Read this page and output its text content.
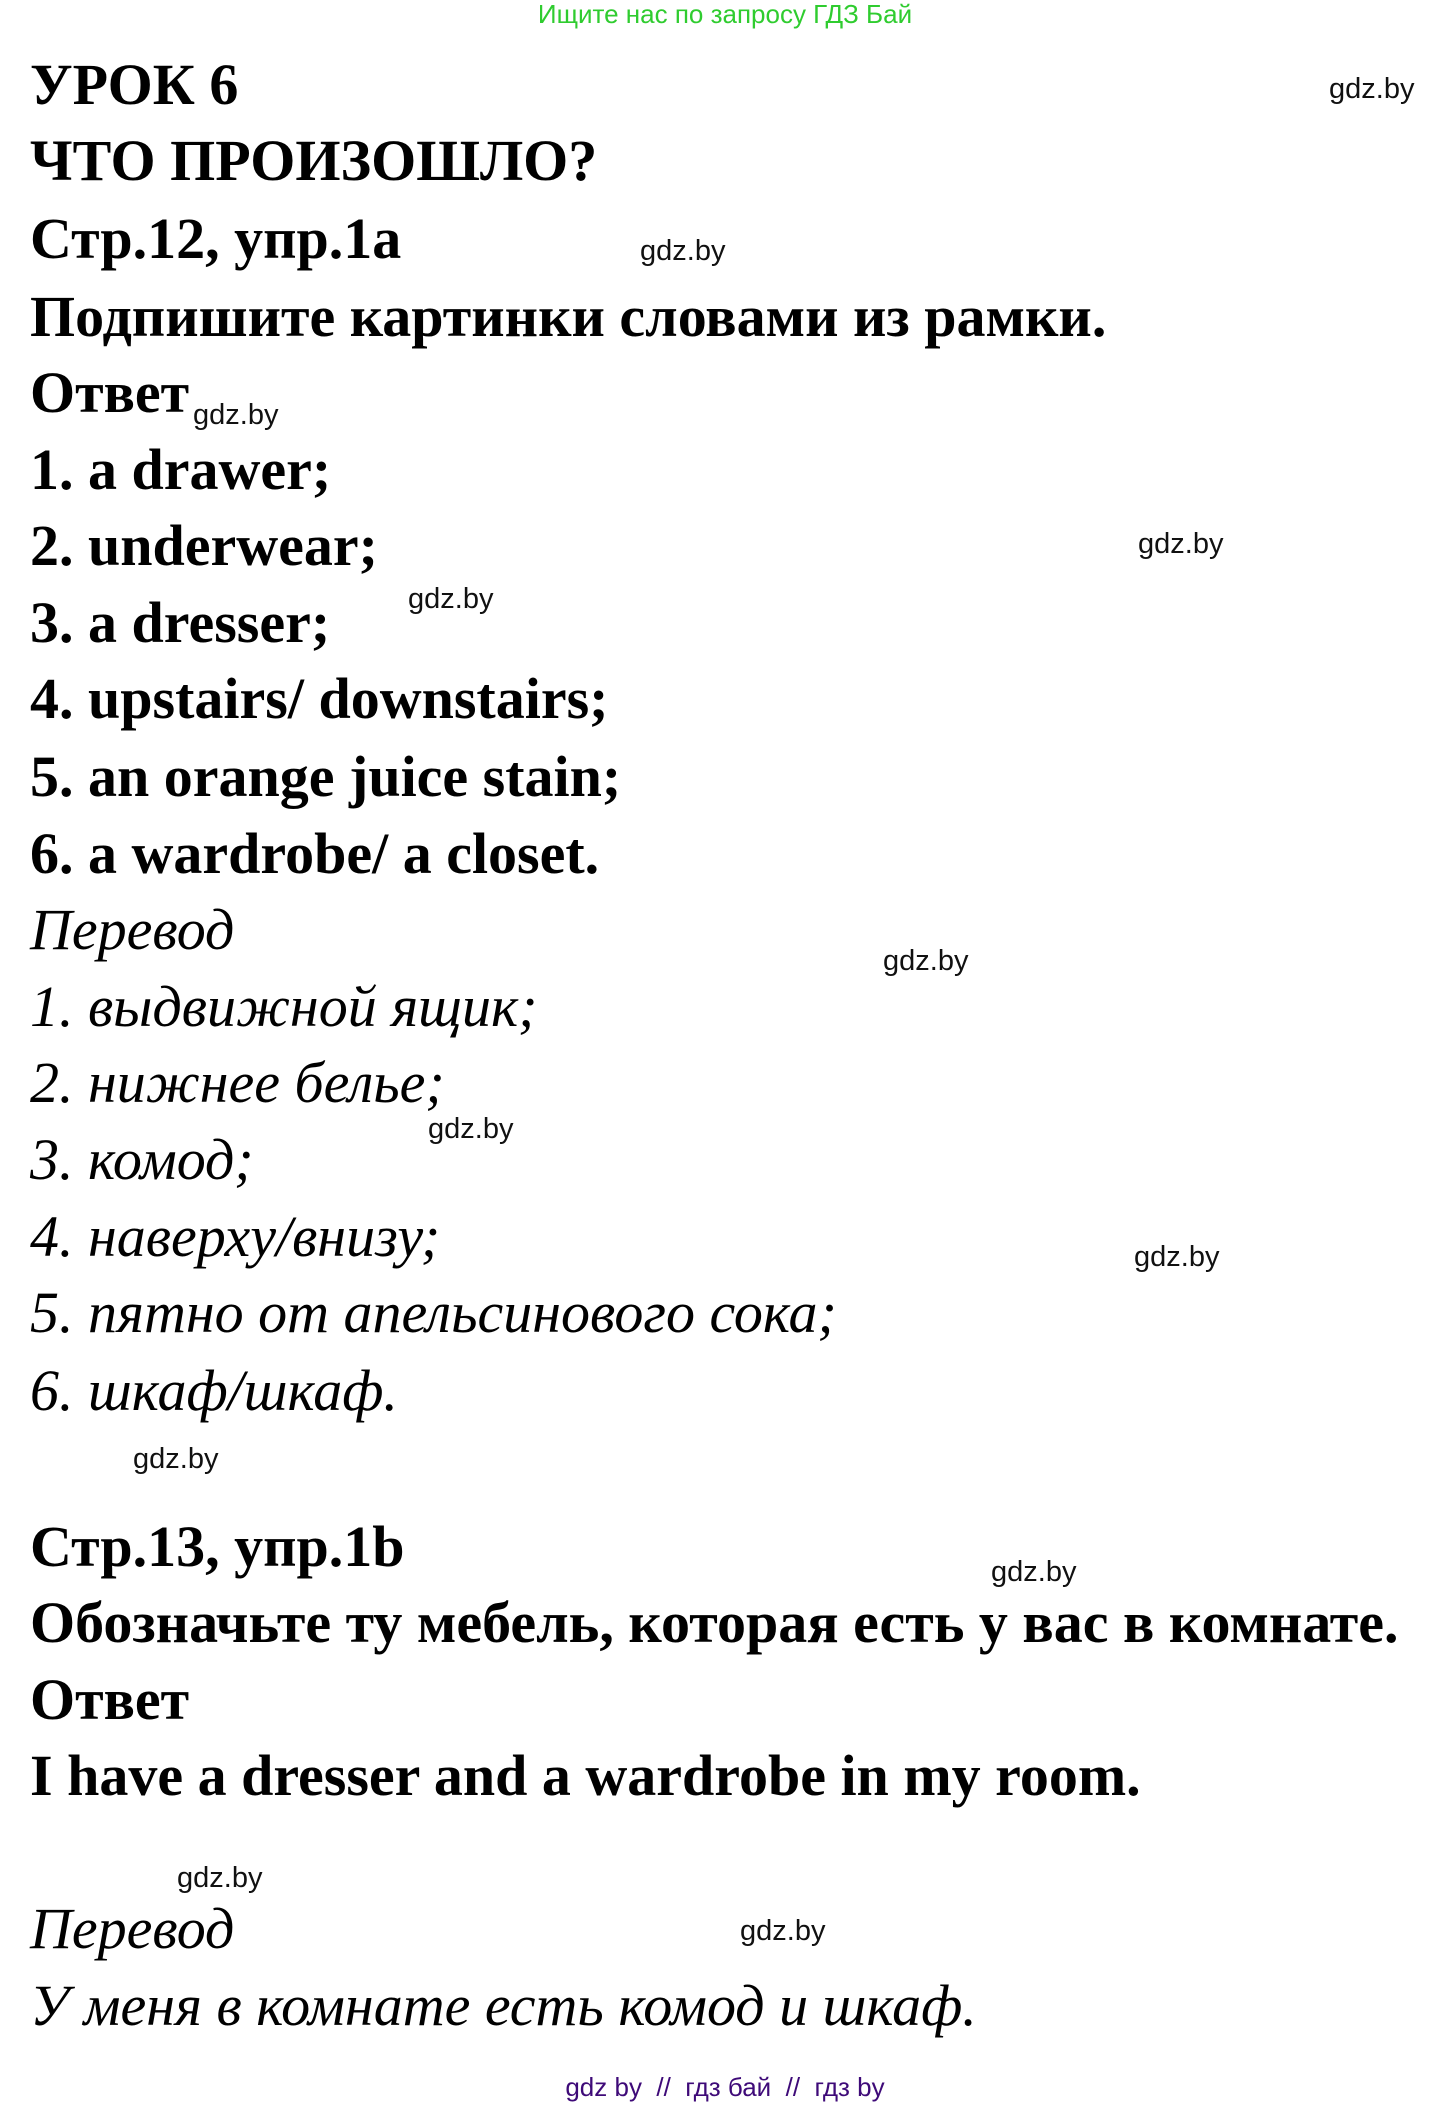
Ищите нас по запросу ГДЗ Бай
УРОК 6
ЧТО ПРОИЗОШЛО?
Стр.12, упр.1a
Подпишите картинки словами из рамки.
Ответ
1. a drawer;
2. underwear;
3. a dresser;
4. upstairs/ downstairs;
5. an orange juice stain;
6. a wardrobe/ a closet.
Перевод
1. выдвижной ящик;
2. нижнее белье;
3. комод;
4. наверху/внизу;
5. пятно от апельсинового сока;
6. шкаф/шкаф.
Стр.13, упр.1b
Обозначьте ту мебель, которая есть у вас в комнате.
Ответ
I have a dresser and a wardrobe in my room.
Перевод
У меня в комнате есть комод и шкаф.
gdz.by
gdz.by
gdz.by
gdz.by
gdz.by
gdz.by
gdz.by
gdz.by
gdz.by
gdz.by
gdz.by
gdz.by
gdz by  //  гдз бай  //  гдз by
